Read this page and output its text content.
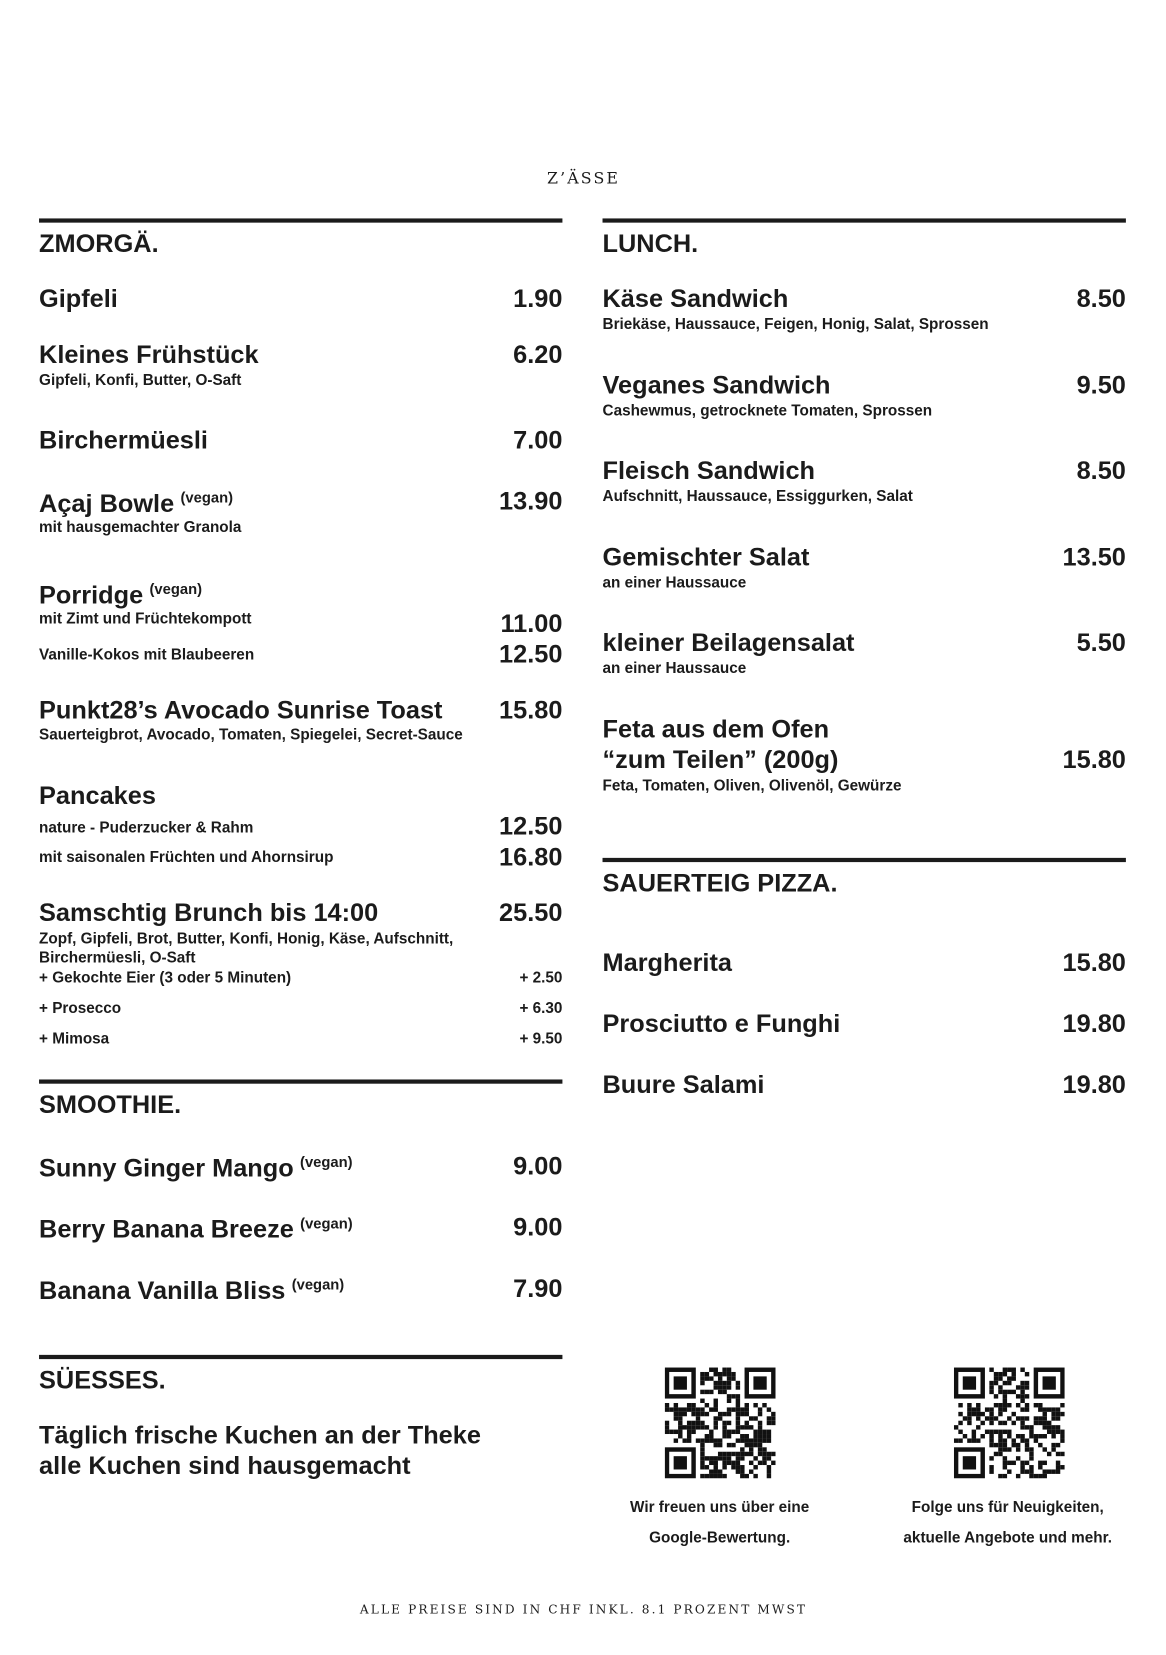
Z’ÄSSE
ZMORGÄ.
Gipfeli	1.90
Kleines Frühstück	6.20
Gipfeli, Konfi, Butter, O-Saft
Birchermüesli	7.00
Açaj Bowle $^{(vegan)}$	13.90
mit hausgemachter Granola
Porridge $^{(vegan)}$
mit Zimt und Früchtekompott	11.00
Vanille-Kokos mit Blaubeeren	12.50
Punkt28’s Avocado Sunrise Toast 15.80
Sauerteigbrot, Avocado, Tomaten, Spiegelei, Secret-Sauce
Pancakes
nature - Puderzucker & Rahm	12.50
mit saisonalen Früchten und Ahornsirup	16.80
Samschtig Brunch bis 14:00	25.50
Zopf, Gipfeli, Brot, Butter, Konfi, Honig, Käse, Aufschnitt,
Birchermüesli, O-Saft
+ Gekochte Eier (3 oder 5 Minuten)	+ 2.50
+ Prosecco	+ 6.30
+ Mimosa	+ 9.50
SMOOTHIE.
Sunny Ginger Mango $^{(vegan)}$	9.00
Berry Banana Breeze $^{(vegan)}$	9.00
Banana Vanilla Bliss $^{(vegan)}$	7.90
SÜESSES.
Täglich frische Kuchen an der Theke
alle Kuchen sind hausgemacht
LUNCH.
Käse Sandwich	8.50
Briekäse, Haussauce, Feigen, Honig, Salat, Sprossen
Veganes Sandwich	9.50
Cashewmus, getrocknete Tomaten, Sprossen
Fleisch Sandwich	8.50
Aufschnitt, Haussauce, Essiggurken, Salat
Gemischter Salat	13.50
an einer Haussauce
kleiner Beilagensalat	5.50
an einer Haussauce
Feta aus dem Ofen
“zum Teilen” (200g)	15.80
Feta, Tomaten, Oliven, Olivenöl, Gewürze
SAUERTEIG PIZZA.
Margherita	15.80
Prosciutto e Funghi	19.80
Buure Salami	19.80
Wir freuen uns über eine
Google-Bewertung.
Folge uns für Neuigkeiten,
aktuelle Angebote und mehr.
ALLE PREISE SIND IN CHF INKL. 8.1 PROZENT MWST
